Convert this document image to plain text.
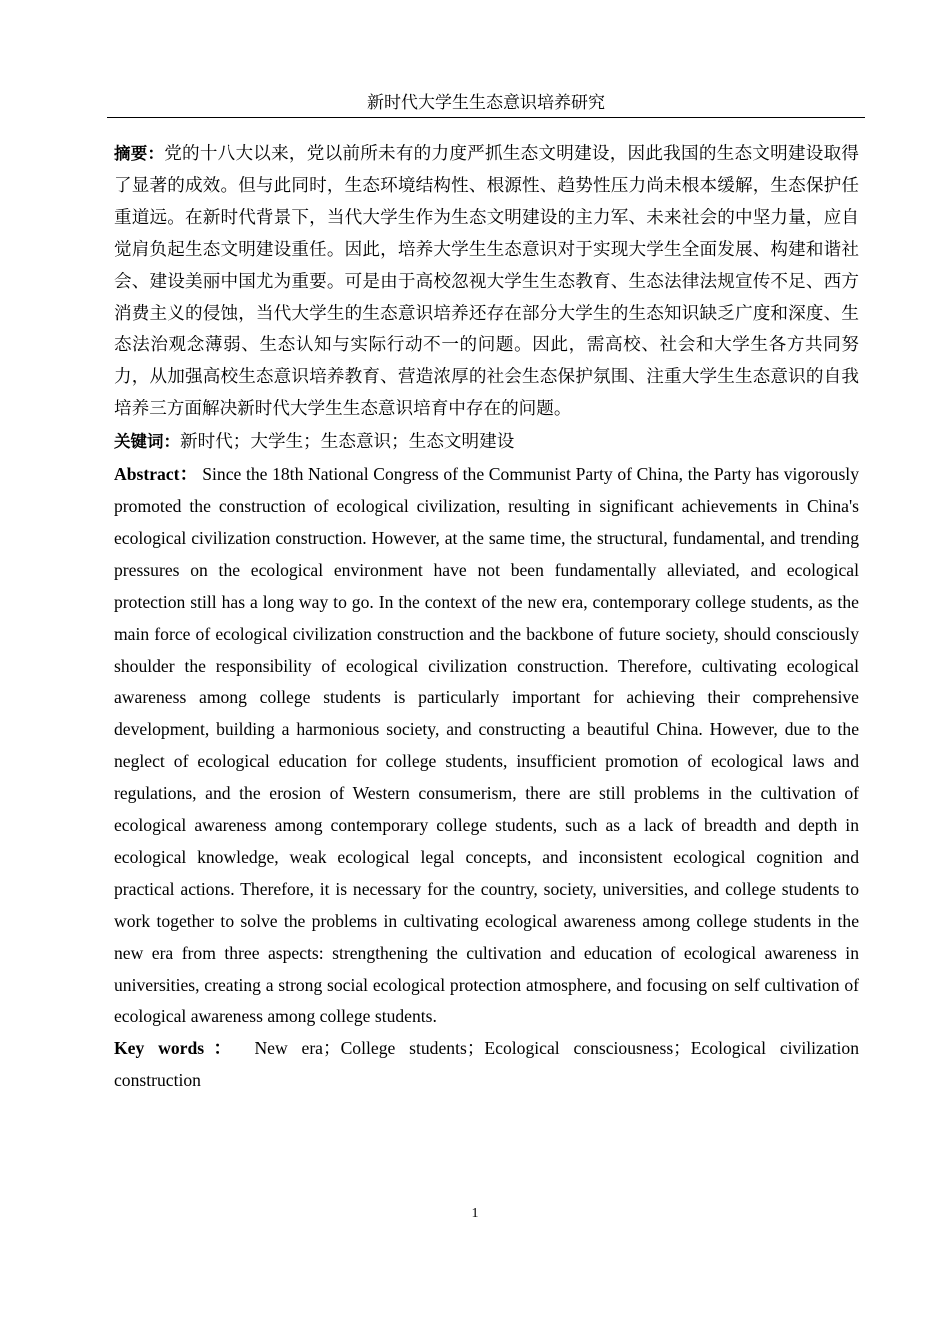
新时代大学生生态意识培养研究

摘要：党的十八大以来，党以前所未有的力度严抓生态文明建设，因此我国的生态文明建设取得了显著的成效。但与此同时，生态环境结构性、根源性、趋势性压力尚未根本缓解，生态保护任重道远。在新时代背景下，当代大学生作为生态文明建设的主力军、未来社会的中坚力量，应自觉肩负起生态文明建设重任。因此，培养大学生生态意识对于实现大学生全面发展、构建和谐社会、建设美丽中国尤为重要。可是由于高校忽视大学生生态教育、生态法律法规宣传不足、西方消费主义的侵蚀，当代大学生的生态意识培养还存在部分大学生的生态知识缺乏广度和深度、生态法治观念薄弱、生态认知与实际行动不一的问题。因此，需高校、社会和大学生各方共同努力，从加强高校生态意识培养教育、营造浓厚的社会生态保护氛围、注重大学生生态意识的自我培养三方面解决新时代大学生生态意识培育中存在的问题。

关键词：新时代；大学生；生态意识；生态文明建设

Abstract： Since the 18th National Congress of the Communist Party of China, the Party has vigorously promoted the construction of ecological civilization, resulting in significant achievements in China's ecological civilization construction. However, at the same time, the structural, fundamental, and trending pressures on the ecological environment have not been fundamentally alleviated, and ecological protection still has a long way to go. In the context of the new era, contemporary college students, as the main force of ecological civilization construction and the backbone of future society, should consciously shoulder the responsibility of ecological civilization construction. Therefore, cultivating ecological awareness among college students is particularly important for achieving their comprehensive development, building a harmonious society, and constructing a beautiful China. However, due to the neglect of ecological education for college students, insufficient promotion of ecological laws and regulations, and the erosion of Western consumerism, there are still problems in the cultivation of ecological awareness among contemporary college students, such as a lack of breadth and depth in ecological knowledge, weak ecological legal concepts, and inconsistent ecological cognition and practical actions. Therefore, it is necessary for the country, society, universities, and college students to work together to solve the problems in cultivating ecological awareness among college students in the new era from three aspects: strengthening the cultivation and education of ecological awareness in universities, creating a strong social ecological protection atmosphere, and focusing on self cultivation of ecological awareness among college students.

Key words： New era；College students；Ecological consciousness；Ecological civilization construction

1
